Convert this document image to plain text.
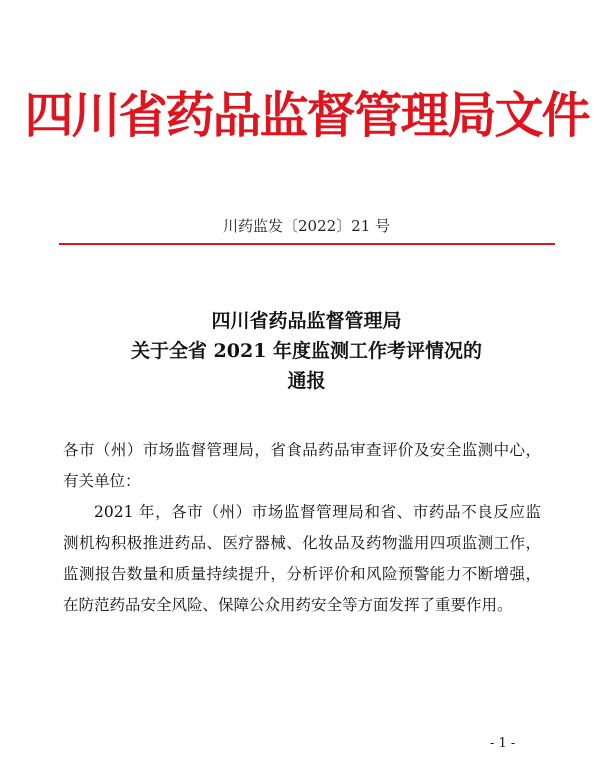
四川省药品监督管理局文件
川药监发〔2022〕21 号
四川省药品监督管理局
关于全省 2021 年度监测工作考评情况的
通报

各市（州）市场监督管理局，省食品药品审查评价及安全监测中心，有关单位：

2021 年，各市（州）市场监督管理局和省、市药品不良反应监测机构积极推进药品、医疗器械、化妆品及药物滥用四项监测工作，监测报告数量和质量持续提升，分析评价和风险预警能力不断增强，在防范药品安全风险、保障公众用药安全等方面发挥了重要作用。

- 1 -
